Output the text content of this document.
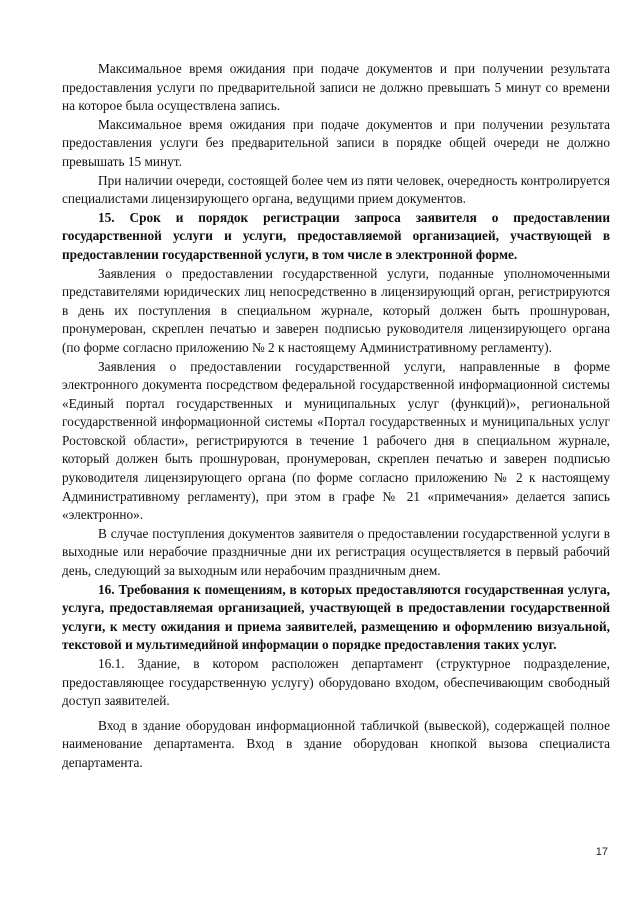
Максимальное время ожидания при подаче документов и при получении результата предоставления услуги по предварительной записи не должно превышать 5 минут со времени на которое была осуществлена запись.

Максимальное время ожидания при подаче документов и при получении результата предоставления услуги без предварительной записи в порядке общей очереди не должно превышать 15 минут.

При наличии очереди, состоящей более чем из пяти человек, очередность контролируется специалистами лицензирующего органа, ведущими прием документов.

15. Срок и порядок регистрации запроса заявителя о предоставлении государственной услуги и услуги, предоставляемой организацией, участвующей в предоставлении государственной услуги, в том числе в электронной форме.

Заявления о предоставлении государственной услуги, поданные уполномоченными представителями юридических лиц непосредственно в лицензирующий орган, регистрируются в день их поступления в специальном журнале, который должен быть прошнурован, пронумерован, скреплен печатью и заверен подписью руководителя лицензирующего органа (по форме согласно приложению № 2 к настоящему Административному регламенту).

Заявления о предоставлении государственной услуги, направленные в форме электронного документа посредством федеральной государственной информационной системы «Единый портал государственных и муниципальных услуг (функций)», региональной государственной информационной системы «Портал государственных и муниципальных услуг Ростовской области», регистрируются в течение 1 рабочего дня в специальном журнале, который должен быть прошнурован, пронумерован, скреплен печатью и заверен подписью руководителя лицензирующего органа (по форме согласно приложению № 2 к настоящему Административному регламенту), при этом в графе № 21 «примечания» делается запись «электронно».

В случае поступления документов заявителя о предоставлении государственной услуги в выходные или нерабочие праздничные дни их регистрация осуществляется в первый рабочий день, следующий за выходным или нерабочим праздничным днем.

16. Требования к помещениям, в которых предоставляются государственная услуга, услуга, предоставляемая организацией, участвующей в предоставлении государственной услуги, к месту ожидания и приема заявителей, размещению и оформлению визуальной, текстовой и мультимедийной информации о порядке предоставления таких услуг.

16.1. Здание, в котором расположен департамент (структурное подразделение, предоставляющее государственную услугу) оборудовано входом, обеспечивающим свободный доступ заявителей.

Вход в здание оборудован информационной табличкой (вывеской), содержащей полное наименование департамента. Вход в здание оборудован кнопкой вызова специалиста департамента.

17
